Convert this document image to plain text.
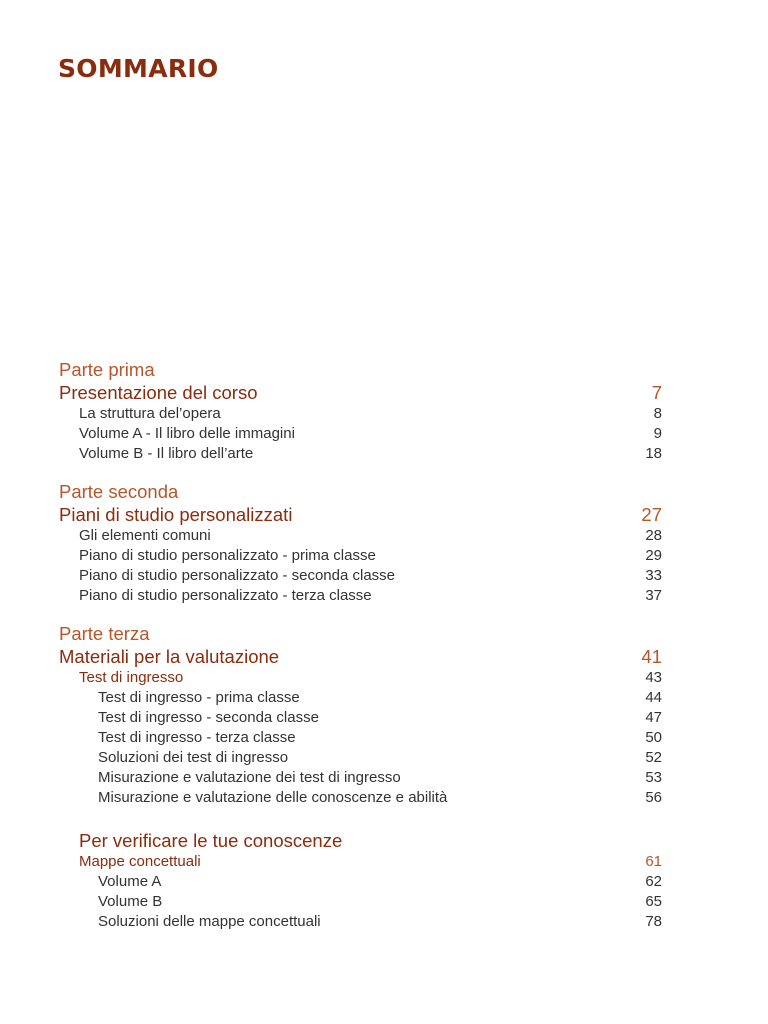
SOMMARIO
Parte prima
Presentazione del corso	7
La struttura del’opera	8
Volume A - Il libro delle immagini	9
Volume B - Il libro dell’arte	18
Parte seconda
Piani di studio personalizzati	27
Gli elementi comuni	28
Piano di studio personalizzato - prima classe	29
Piano di studio personalizzato - seconda classe	33
Piano di studio personalizzato - terza classe	37
Parte terza
Materiali per la valutazione	41
Test di ingresso	43
Test di ingresso - prima classe	44
Test di ingresso - seconda classe	47
Test di ingresso - terza classe	50
Soluzioni dei test di ingresso	52
Misurazione e valutazione dei test di ingresso	53
Misurazione e valutazione delle conoscenze e abilità	56
Per verificare le tue conoscenze
Mappe concettuali	61
Volume A	62
Volume B	65
Soluzioni delle mappe concettuali	78
